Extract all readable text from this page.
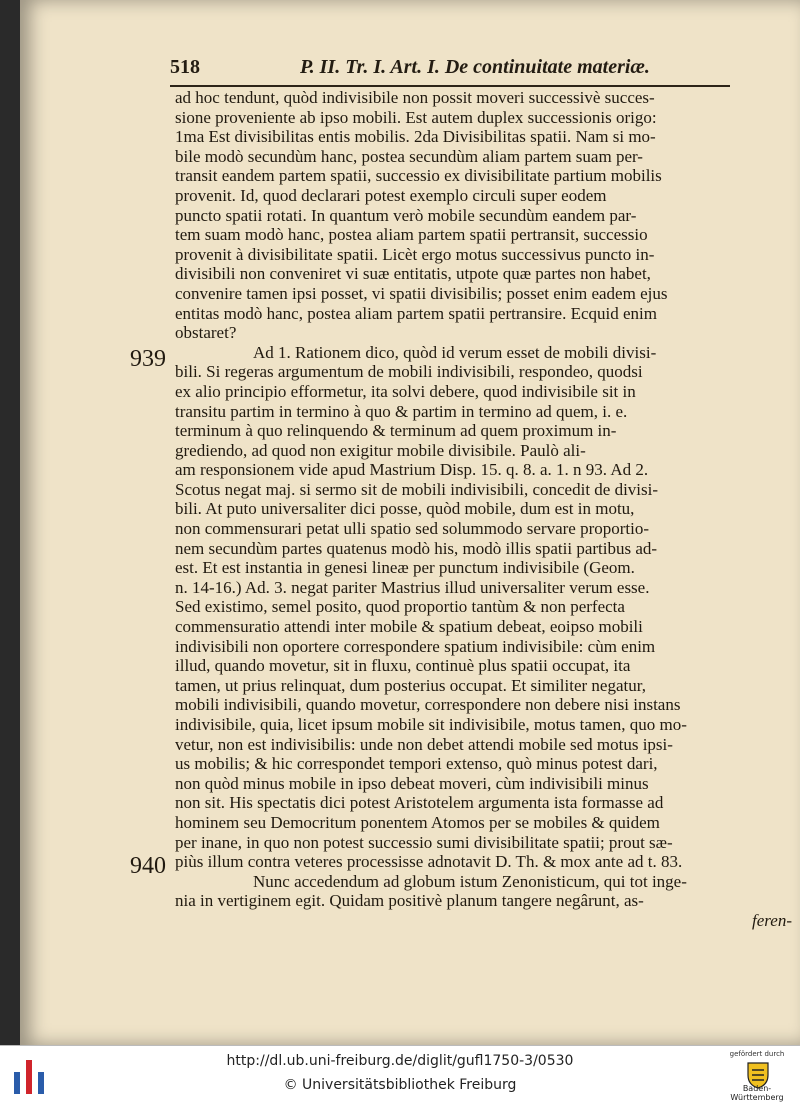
518	P. II. Tr. I. Art. I. De continuitate materiæ.
939
940
ad hoc tendunt, quòd indivisibile non possit moveri successivè succes-
sione proveniente ab ipso mobili. Est autem duplex successionis origo:
1ma Est divisibilitas entis mobilis. 2da Divisibilitas spatii. Nam si mo-
bile modò secundùm hanc, postea secundùm aliam partem suam per-
transit eandem partem spatii, successio ex divisibilitate partium mobilis
provenit. Id, quod declarari potest exemplo circuli super eodem
puncto spatii rotati. In quantum verò mobile secundùm eandem par-
tem suam modò hanc, postea aliam partem spatii pertransit, successio
provenit à divisibilitate spatii. Licèt ergo motus successivus puncto in-
divisibili non conveniret vi suæ entitatis, utpote quæ partes non habet,
convenire tamen ipsi posset, vi spatii divisibilis; posset enim eadem ejus
entitas modò hanc, postea aliam partem spatii pertransire. Ecquid enim
obstaret?
Ad 1. Rationem dico, quòd id verum esset de mobili divisi-
bili. Si regeras argumentum de mobili indivisibili, respondeo, quodsi
ex alio principio efformetur, ita solvi debere, quod indivisibile sit in
transitu partim in termino à quo & partim in termino ad quem, i. e.
terminum à quo relinquendo & terminum ad quem proximum in-
grediendo, ad quod non exigitur mobile divisibile. Paulò ali-
am responsionem vide apud Mastrium Disp. 15. q. 8. a. 1. n 93. Ad 2.
Scotus negat maj. si sermo sit de mobili indivisibili, concedit de divisi-
bili. At puto universaliter dici posse, quòd mobile, dum est in motu,
non commensurari petat ulli spatio sed solummodo servare proportio-
nem secundùm partes quatenus modò his, modò illis spatii partibus ad-
est. Et est instantia in genesi lineæ per punctum indivisibile (Geom.
n. 14-16.) Ad. 3. negat pariter Mastrius illud universaliter verum esse.
Sed existimo, semel posito, quod proportio tantùm & non perfecta
commensuratio attendi inter mobile & spatium debeat, eoipso mobili
indivisibili non oportere correspondere spatium indivisibile: cùm enim
illud, quando movetur, sit in fluxu, continuè plus spatii occupat, ita
tamen, ut prius relinquat, dum posterius occupat. Et similiter negatur,
mobili indivisibili, quando movetur, correspondere non debere nisi instans
indivisibile, quia, licet ipsum mobile sit indivisibile, motus tamen, quo mo-
vetur, non est indivisibilis: unde non debet attendi mobile sed motus ipsi-
us mobilis; & hic correspondet tempori extenso, quò minus potest dari,
non quòd minus mobile in ipso debeat moveri, cùm indivisibili minus
non sit. His spectatis dici potest Aristotelem argumenta ista formasse ad
hominem seu Democritum ponentem Atomos per se mobiles & quidem
per inane, in quo non potest successio sumi divisibilitate spatii; prout sæ-
piùs illum contra veteres processisse adnotavit D. Th. & mox ante ad t. 83.
Nunc accedendum ad globum istum Zenonisticum, qui tot inge-
nia in vertiginem egit. Quidam positivè planum tangere negârunt, as-
feren-
http://dl.ub.uni-freiburg.de/diglit/gufl1750-3/0530
© Universitätsbibliothek Freiburg
gefördert durch
Baden-Württemberg
